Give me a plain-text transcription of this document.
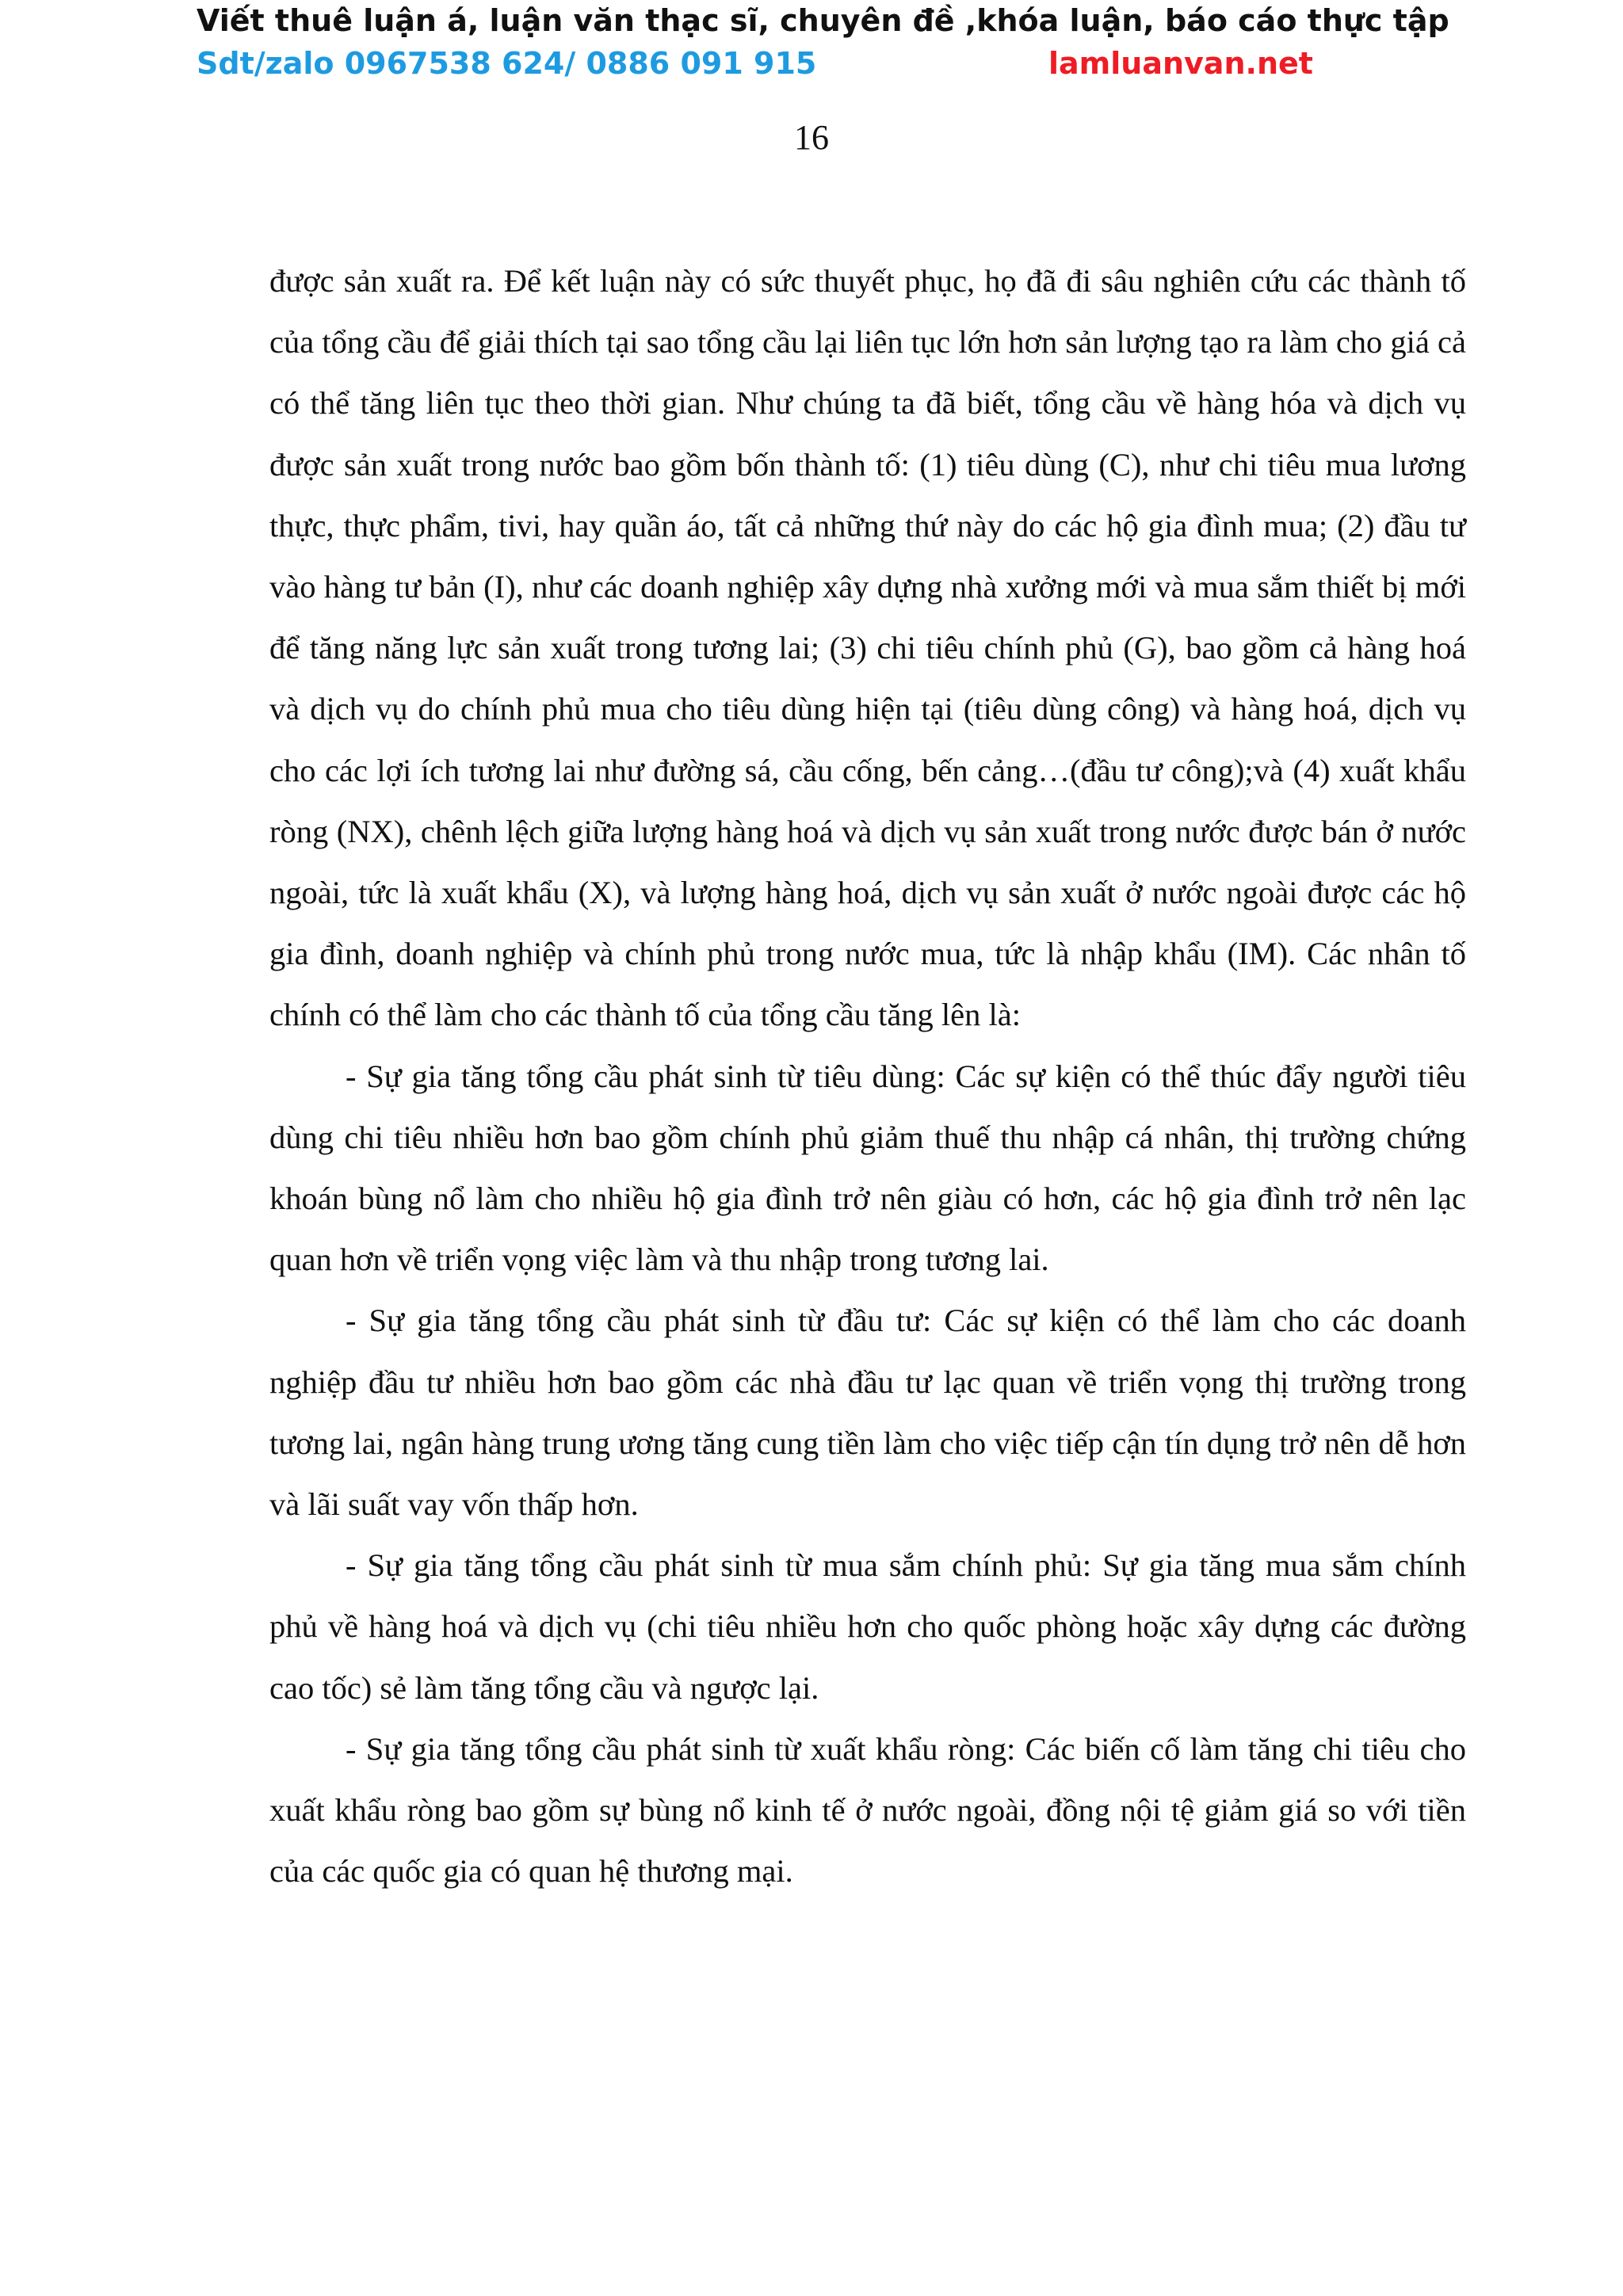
Viết thuê luận á, luận văn thạc sĩ, chuyên đề ,khóa luận, báo cáo thực tập
Sdt/zalo 0967538 624/ 0886 091 915	lamluanvan.net
16

được sản xuất ra. Để kết luận này có sức thuyết phục, họ đã đi sâu nghiên cứu các thành tố của tổng cầu để giải thích tại sao tổng cầu lại liên tục lớn hơn sản lượng tạo ra làm cho giá cả có thể tăng liên tục theo thời gian. Như chúng ta đã biết, tổng cầu về hàng hóa và dịch vụ được sản xuất trong nước bao gồm bốn thành tố: (1) tiêu dùng (C), như chi tiêu mua lương thực, thực phẩm, tivi, hay quần áo, tất cả những thứ này do các hộ gia đình mua; (2) đầu tư vào hàng tư bản (I), như các doanh nghiệp xây dựng nhà xưởng mới và mua sắm thiết bị mới để tăng năng lực sản xuất trong tương lai; (3) chi tiêu chính phủ (G), bao gồm cả hàng hoá và dịch vụ do chính phủ mua cho tiêu dùng hiện tại (tiêu dùng công) và hàng hoá, dịch vụ cho các lợi ích tương lai như đường sá, cầu cống, bến cảng…(đầu tư công);và (4) xuất khẩu ròng (NX), chênh lệch giữa lượng hàng hoá và dịch vụ sản xuất trong nước được bán ở nước ngoài, tức là xuất khẩu (X), và lượng hàng hoá, dịch vụ sản xuất ở nước ngoài được các hộ gia đình, doanh nghiệp và chính phủ trong nước mua, tức là nhập khẩu (IM). Các nhân tố chính có thể làm cho các thành tố của tổng cầu tăng lên là:

- Sự gia tăng tổng cầu phát sinh từ tiêu dùng: Các sự kiện có thể thúc đẩy người tiêu dùng chi tiêu nhiều hơn bao gồm chính phủ giảm thuế thu nhập cá nhân, thị trường chứng khoán bùng nổ làm cho nhiều hộ gia đình trở nên giàu có hơn, các hộ gia đình trở nên lạc quan hơn về triển vọng việc làm và thu nhập trong tương lai.

- Sự gia tăng tổng cầu phát sinh từ đầu tư: Các sự kiện có thể làm cho các doanh nghiệp đầu tư nhiều hơn bao gồm các nhà đầu tư lạc quan về triển vọng thị trường trong tương lai, ngân hàng trung ương tăng cung tiền làm cho việc tiếp cận tín dụng trở nên dễ hơn và lãi suất vay vốn thấp hơn.

- Sự gia tăng tổng cầu phát sinh từ mua sắm chính phủ: Sự gia tăng mua sắm chính phủ về hàng hoá và dịch vụ (chi tiêu nhiều hơn cho quốc phòng hoặc xây dựng các đường cao tốc) sẻ làm tăng tổng cầu và ngược lại.

- Sự gia tăng tổng cầu phát sinh từ xuất khẩu ròng: Các biến cố làm tăng chi tiêu cho xuất khẩu ròng bao gồm sự bùng nổ kinh tế ở nước ngoài, đồng nội tệ giảm giá so với tiền của các quốc gia có quan hệ thương mại.
